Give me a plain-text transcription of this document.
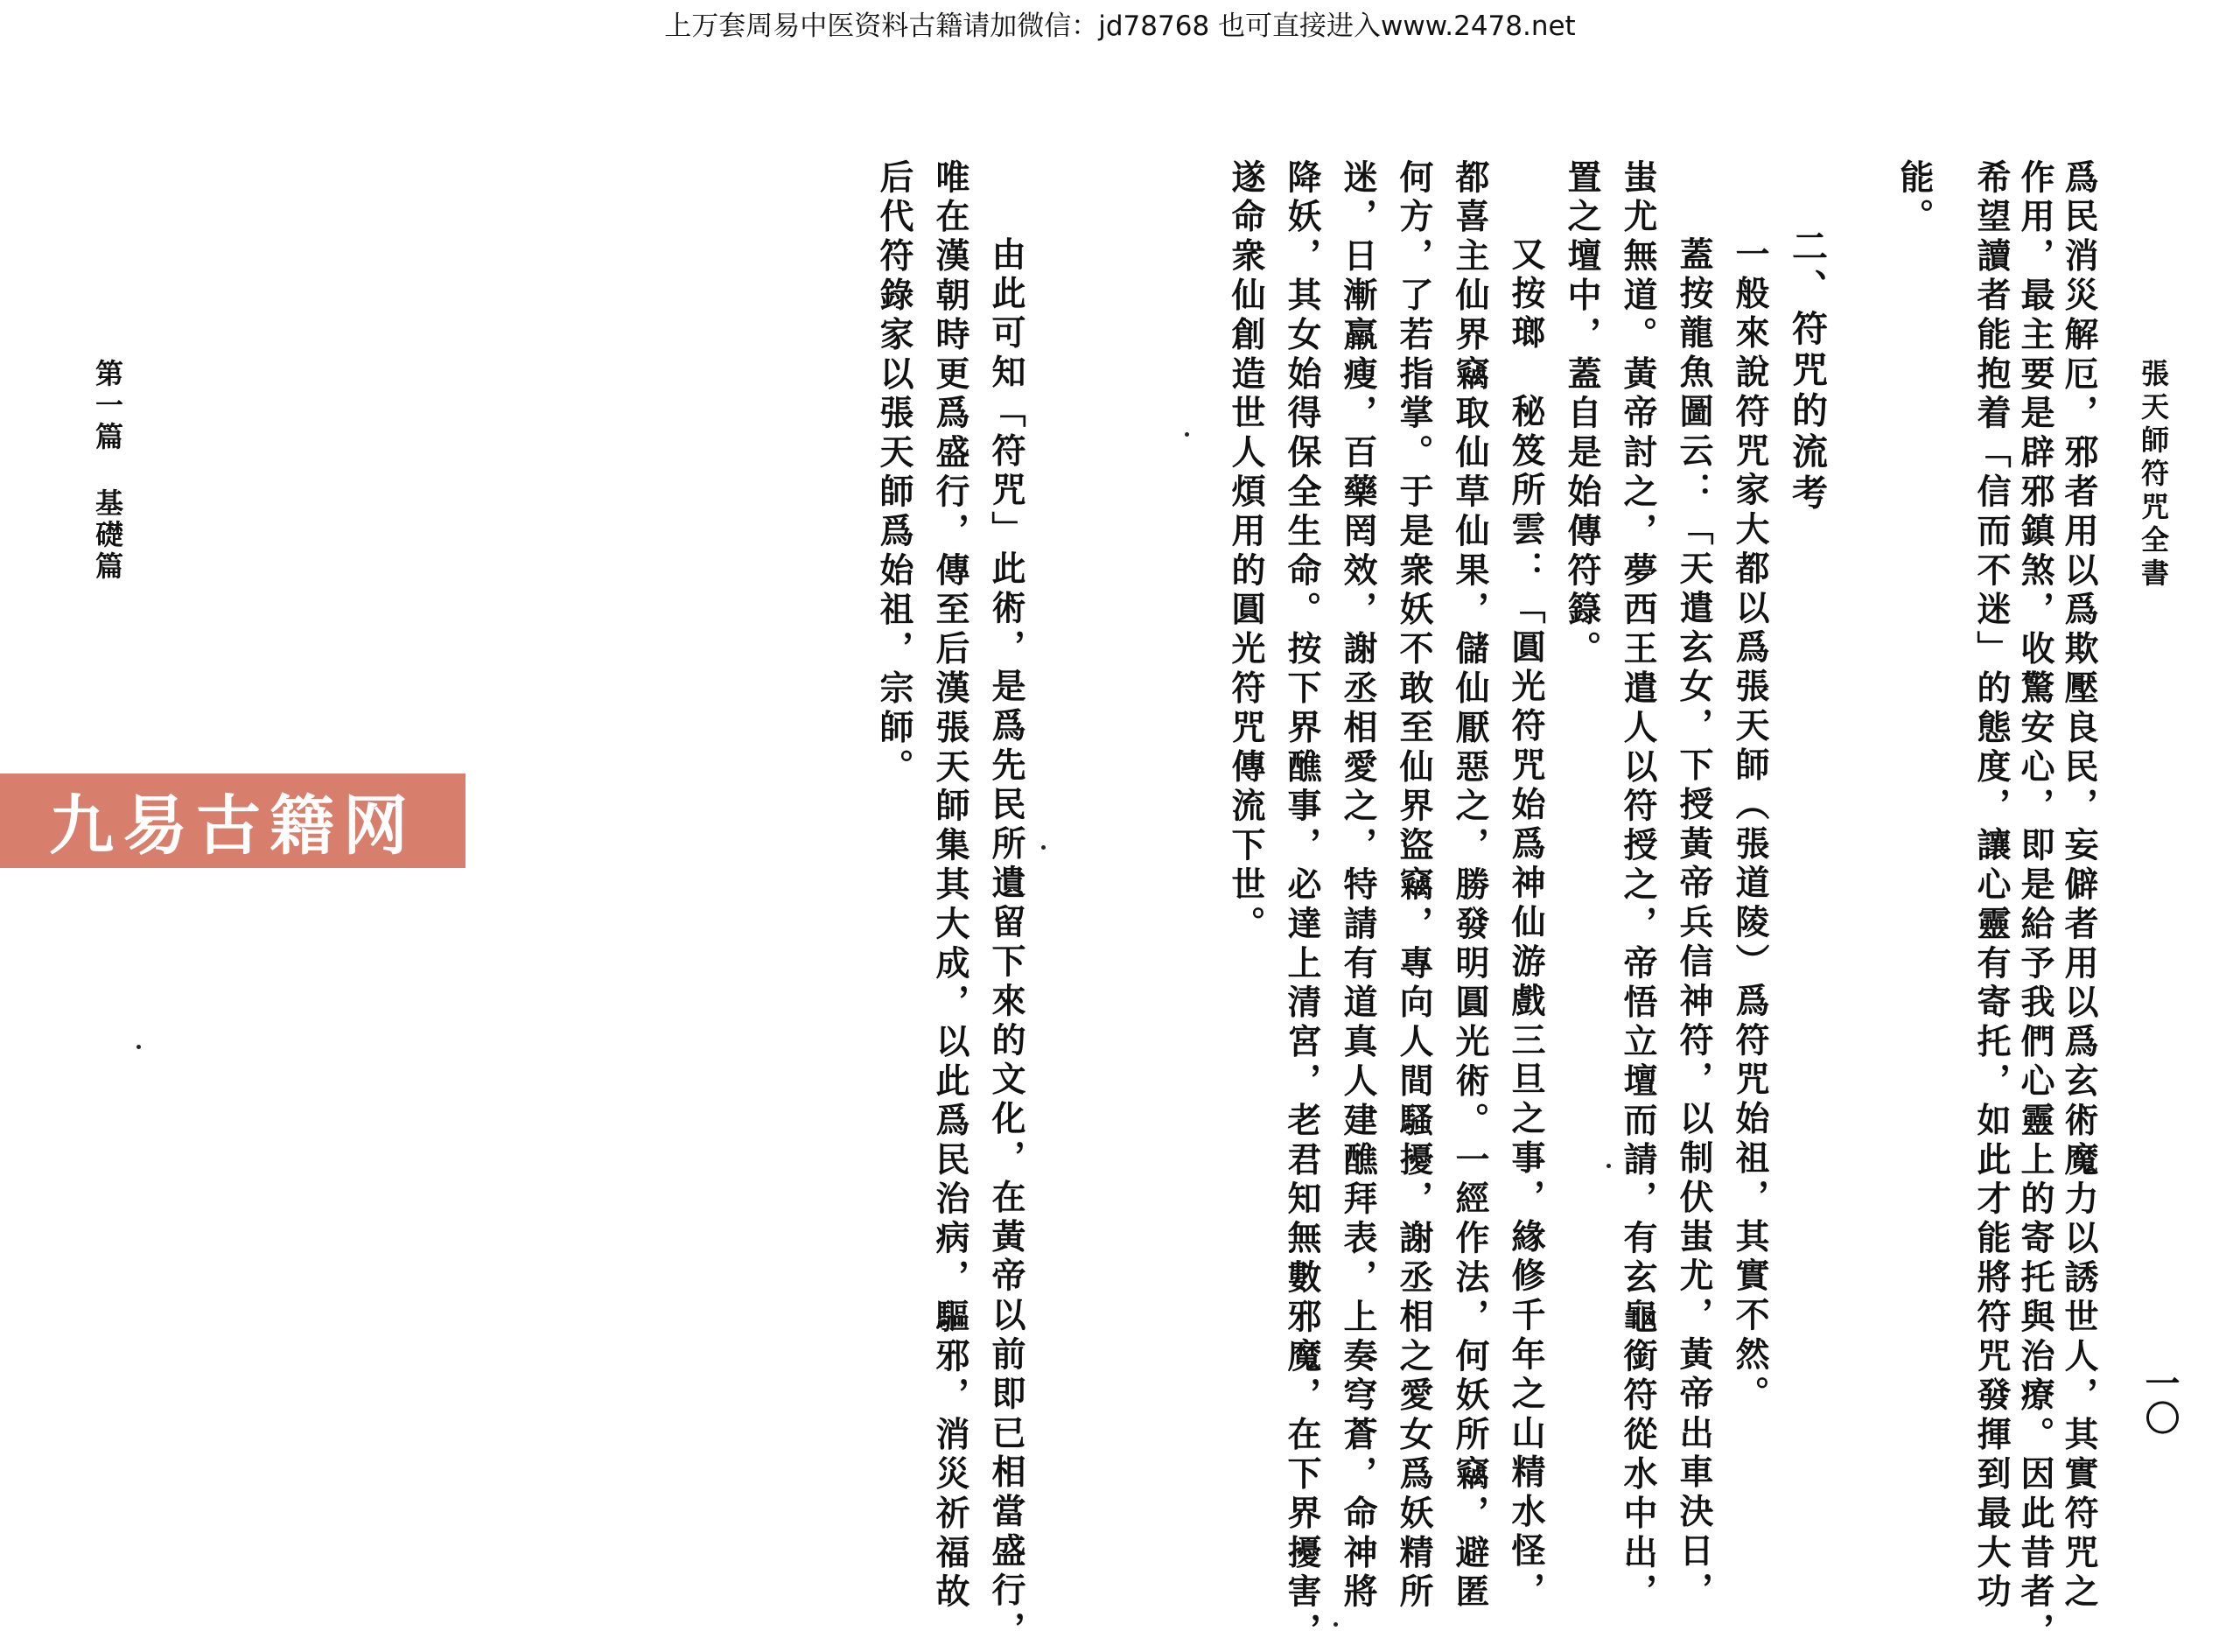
上万套周易中医资料古籍请加微信：jd78768 也可直接进入www.2478.net
張天師符咒全書
一〇
第一篇基礎篇	爲民消災解厄，邪者用以爲欺壓良民，妄僻者用以爲玄術魔力以誘世人，其實符咒之
作用，最主要是辟邪鎮煞，收驚安心，即是給予我們心靈上的寄托與治療。因此昔者，
希望讀者能抱着「信而不迷」的態度，讓心靈有寄托，如此才能將符咒發揮到最大功
能。
二、符咒的流考
一般來說符咒家大都以爲張天師（張道陵）爲符咒始祖，其實不然。
蓋按龍魚圖云：「天遣玄女，下授黃帝兵信神符，以制伏蚩尤，黃帝出車決日，
蚩尤無道。黃帝討之，夢西王遣人以符授之，帝悟立壇而請，有玄龜銜符從水中出，
置之壇中，蓋自是始傳符籙。
又按瑯　秘笈所雲：「圓光符咒始爲神仙游戲三旦之事，緣修千年之山精水怪，
都喜主仙界竊取仙草仙果，儲仙厭惡之，勝發明圓光術。一經作法，何妖所竊，避匿
何方，了若指掌。于是衆妖不敢至仙界盜竊，專向人間騷擾，謝丞相之愛女爲妖精所
迷，日漸羸瘦，百藥罔效，謝丞相愛之，特請有道真人建醮拜表，上奏穹蒼，命神將
降妖，其女始得保全生命。按下界醮事，必達上清宮，老君知無數邪魔，在下界擾害，
遂命衆仙創造世人煩用的圓光符咒傳流下世。
由此可知「符咒」此術，是爲先民所遺留下來的文化，在黃帝以前即已相當盛行，
唯在漢朝時更爲盛行，傳至后漢張天師集其大成，以此爲民治病，驅邪，消災祈福故
后代符錄家以張天師爲始祖，宗師。
九易古籍网
